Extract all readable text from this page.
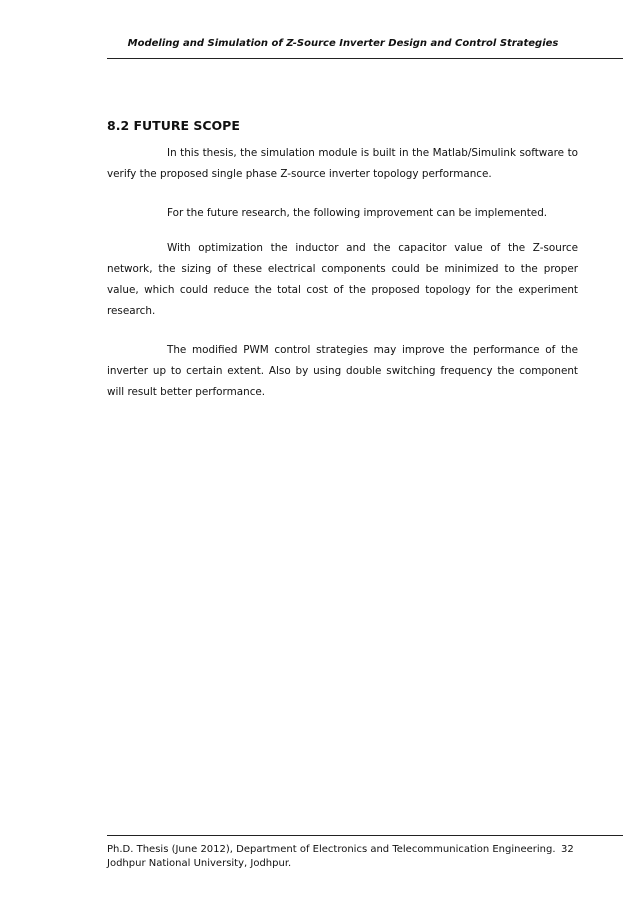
Modeling and Simulation of Z-Source Inverter Design and Control Strategies
8.2 FUTURE SCOPE

In this thesis, the simulation module is built in the Matlab/Simulink software to verify the proposed single phase Z-source inverter topology performance.

For the future research, the following improvement can be implemented.

With optimization the inductor and the capacitor value of the Z-source network, the sizing of these electrical components could be minimized to the proper value, which could reduce the total cost of the proposed topology for the experiment research.

The modified PWM control strategies may improve the performance of the inverter up to certain extent. Also by using double switching frequency the component will result better performance.

Ph.D. Thesis (June 2012), Department of Electronics and Telecommunication Engineering. 32
Jodhpur National University, Jodhpur.
